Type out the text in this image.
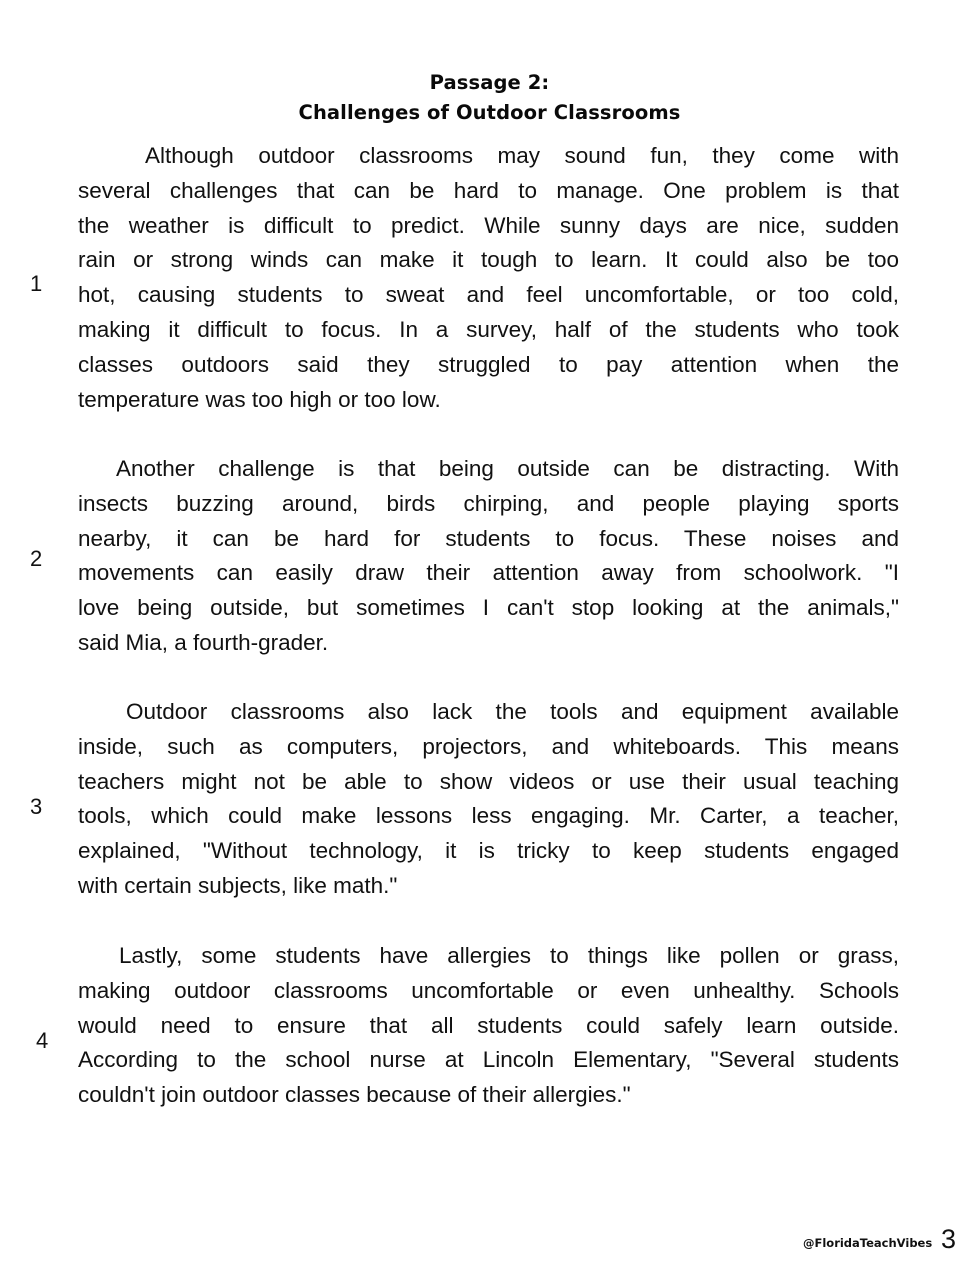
Passage 2:
Challenges of Outdoor Classrooms
1
Although outdoor classrooms may sound fun, they come with
several challenges that can be hard to manage. One problem is that
the weather is difficult to predict. While sunny days are nice, sudden
rain or strong winds can make it tough to learn. It could also be too
hot, causing students to sweat and feel uncomfortable, or too cold,
making it difficult to focus. In a survey, half of the students who took
classes outdoors said they struggled to pay attention when the
temperature was too high or too low.
2
Another challenge is that being outside can be distracting. With
insects buzzing around, birds chirping, and people playing sports
nearby, it can be hard for students to focus. These noises and
movements can easily draw their attention away from schoolwork. "I
love being outside, but sometimes I can't stop looking at the animals,"
said Mia, a fourth-grader.
3
Outdoor classrooms also lack the tools and equipment available
inside, such as computers, projectors, and whiteboards. This means
teachers might not be able to show videos or use their usual teaching
tools, which could make lessons less engaging. Mr. Carter, a teacher,
explained, "Without technology, it is tricky to keep students engaged
with certain subjects, like math."
4
Lastly, some students have allergies to things like pollen or grass,
making outdoor classrooms uncomfortable or even unhealthy. Schools
would need to ensure that all students could safely learn outside.
According to the school nurse at Lincoln Elementary, "Several students
couldn't join outdoor classes because of their allergies."
@FloridaTeachVibes 3
